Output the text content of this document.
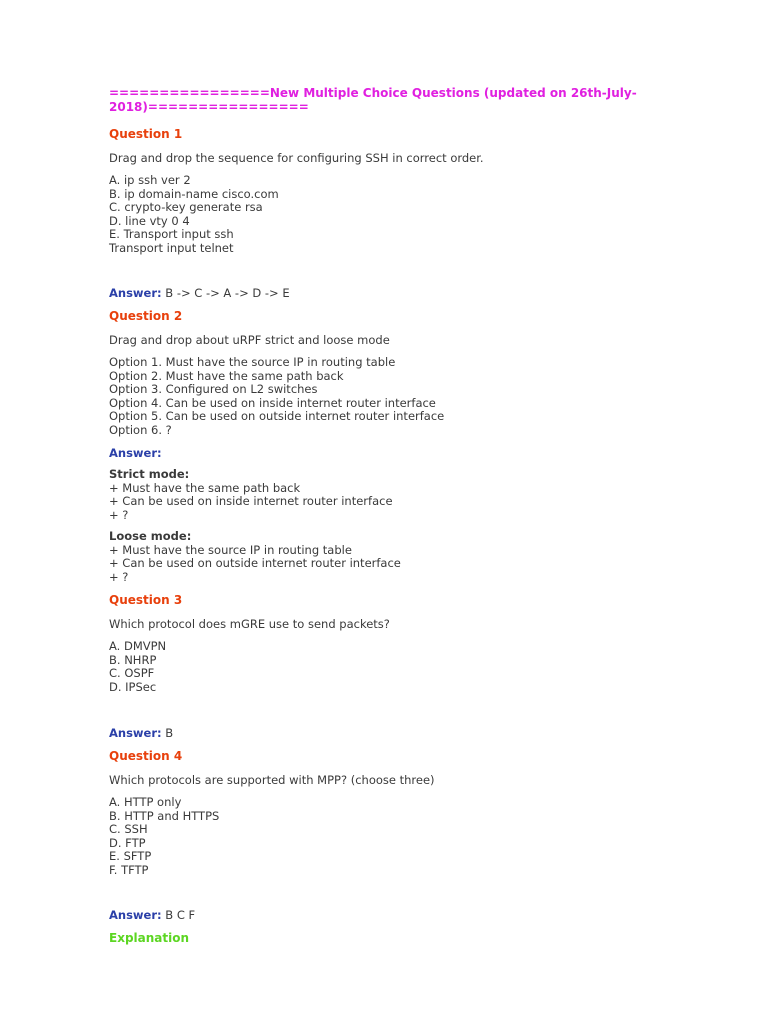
================New Multiple Choice Questions (updated on 26th-July-2018)================
Question 1
Drag and drop the sequence for configuring SSH in correct order.
A. ip ssh ver 2
B. ip domain-name cisco.com
C. crypto-key generate rsa
D. line vty 0 4
E. Transport input ssh
Transport input telnet
Answer: B -> C -> A -> D -> E
Question 2
Drag and drop about uRPF strict and loose mode
Option 1. Must have the source IP in routing table
Option 2. Must have the same path back
Option 3. Configured on L2 switches
Option 4. Can be used on inside internet router interface
Option 5. Can be used on outside internet router interface
Option 6. ?
Answer:
Strict mode:
+ Must have the same path back
+ Can be used on inside internet router interface
+ ?
Loose mode:
+ Must have the source IP in routing table
+ Can be used on outside internet router interface
+ ?
Question 3
Which protocol does mGRE use to send packets?
A. DMVPN
B. NHRP
C. OSPF
D. IPSec
Answer: B
Question 4
Which protocols are supported with MPP? (choose three)
A. HTTP only
B. HTTP and HTTPS
C. SSH
D. FTP
E. SFTP
F. TFTP
Answer: B C F
Explanation
